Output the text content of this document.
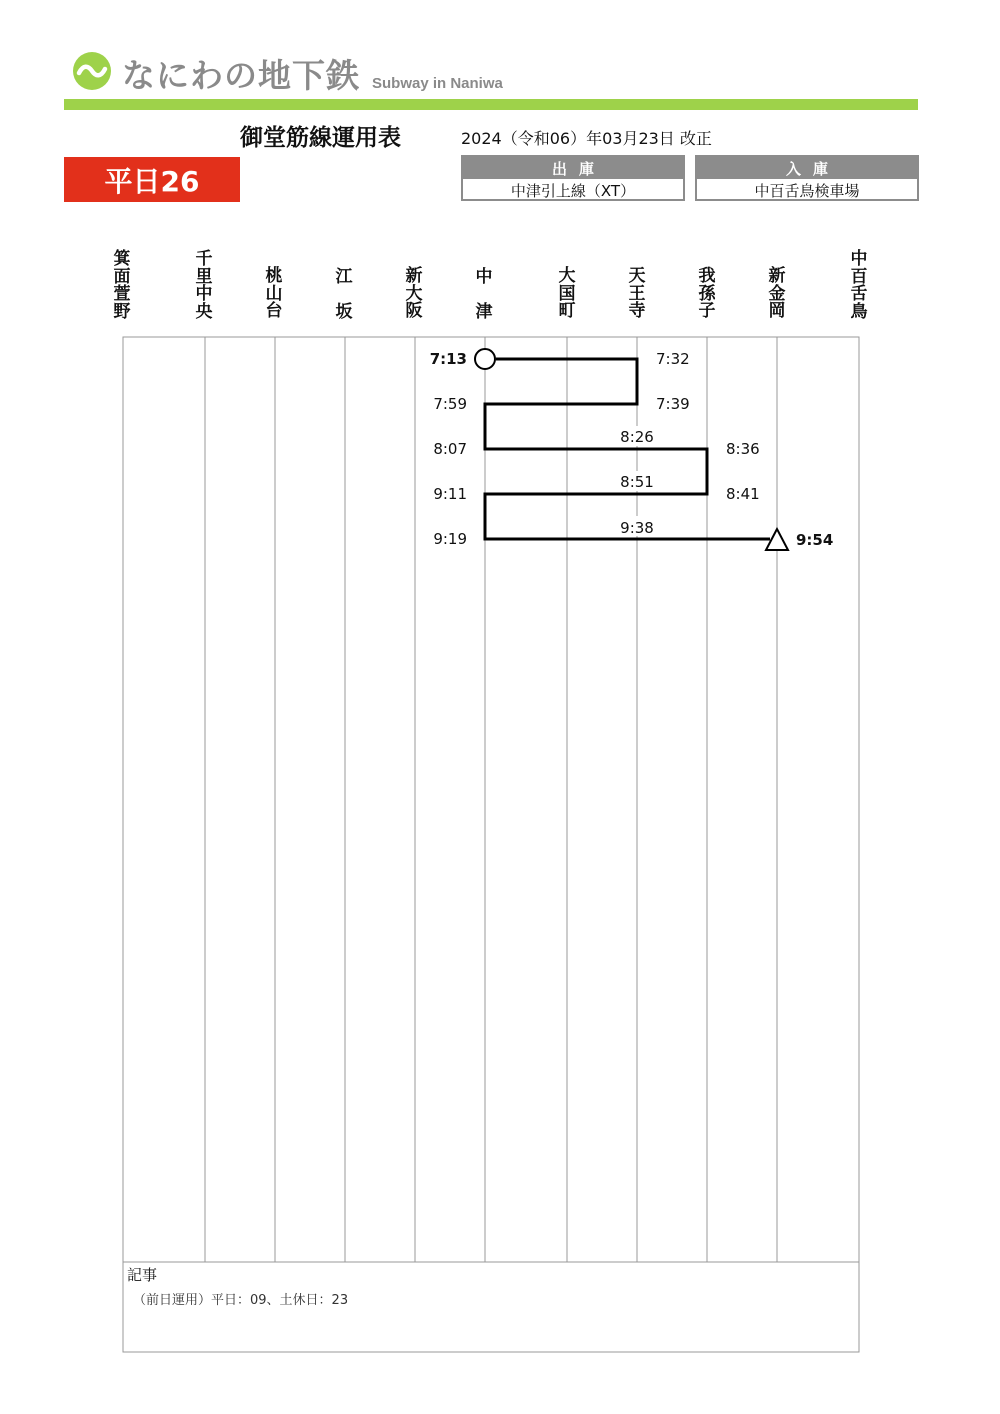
なにわの地下鉄 Subway in Naniwa
御堂筋線運用表	2024（令和06）年03月23日 改正
平日26	出庫
中津引上線（XT）
入庫
中百舌鳥検車場
箕面萱野
千里中央
桃山台
江坂
新大阪
中津
大国町
天王寺
我孫子
新金岡
中百舌鳥
7:13	7:32
7:39
7:59
8:07
8:26
8:36
8:41
8:51
9:11
9:19
9:38
9:54
記事
（前日運用）平日：09、土休日：23
